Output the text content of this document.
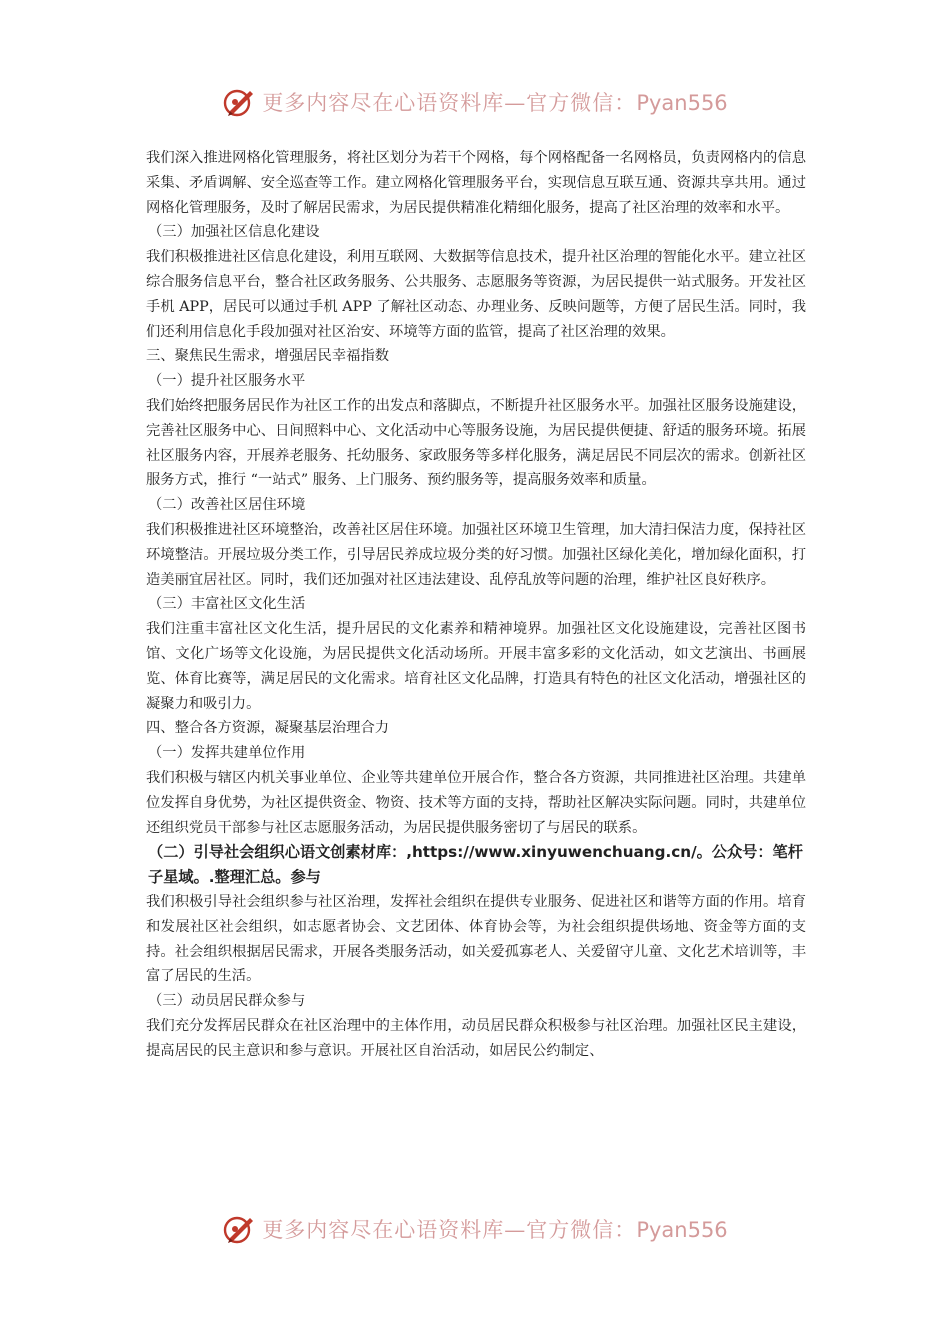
更多内容尽在心语资料库—官方微信：Pyan556

我们深入推进网格化管理服务，将社区划分为若干个网格，每个网格配备一名网格员，负责网格内的信息采集、矛盾调解、安全巡查等工作。建立网格化管理服务平台，实现信息互联互通、资源共享共用。通过网格化管理服务，及时了解居民需求，为居民提供精准化精细化服务，提高了社区治理的效率和水平。

（三）加强社区信息化建设

我们积极推进社区信息化建设，利用互联网、大数据等信息技术，提升社区治理的智能化水平。建立社区综合服务信息平台，整合社区政务服务、公共服务、志愿服务等资源，为居民提供一站式服务。开发社区手机 APP，居民可以通过手机 APP 了解社区动态、办理业务、反映问题等，方便了居民生活。同时，我们还利用信息化手段加强对社区治安、环境等方面的监管，提高了社区治理的效果。

三、聚焦民生需求，增强居民幸福指数

（一）提升社区服务水平

我们始终把服务居民作为社区工作的出发点和落脚点，不断提升社区服务水平。加强社区服务设施建设，完善社区服务中心、日间照料中心、文化活动中心等服务设施，为居民提供便捷、舒适的服务环境。拓展社区服务内容，开展养老服务、托幼服务、家政服务等多样化服务，满足居民不同层次的需求。创新社区服务方式，推行 “一站式” 服务、上门服务、预约服务等，提高服务效率和质量。

（二）改善社区居住环境

我们积极推进社区环境整治，改善社区居住环境。加强社区环境卫生管理，加大清扫保洁力度，保持社区环境整洁。开展垃圾分类工作，引导居民养成垃圾分类的好习惯。加强社区绿化美化，增加绿化面积，打造美丽宜居社区。同时，我们还加强对社区违法建设、乱停乱放等问题的治理，维护社区良好秩序。

（三）丰富社区文化生活

我们注重丰富社区文化生活，提升居民的文化素养和精神境界。加强社区文化设施建设，完善社区图书馆、文化广场等文化设施，为居民提供文化活动场所。开展丰富多彩的文化活动，如文艺演出、书画展览、体育比赛等，满足居民的文化需求。培育社区文化品牌，打造具有特色的社区文化活动，增强社区的凝聚力和吸引力。

四、整合各方资源，凝聚基层治理合力

（一）发挥共建单位作用

我们积极与辖区内机关事业单位、企业等共建单位开展合作，整合各方资源，共同推进社区治理。共建单位发挥自身优势，为社区提供资金、物资、技术等方面的支持，帮助社区解决实际问题。同时，共建单位还组织党员干部参与社区志愿服务活动，为居民提供服务密切了与居民的联系。

（二）引导社会组织心语文创素材库：,https://www.xinyuwenchuang.cn/。公众号：笔杆子星域。.整理汇总。参与

我们积极引导社会组织参与社区治理，发挥社会组织在提供专业服务、促进社区和谐等方面的作用。培育和发展社区社会组织，如志愿者协会、文艺团体、体育协会等，为社会组织提供场地、资金等方面的支持。社会组织根据居民需求，开展各类服务活动，如关爱孤寡老人、关爱留守儿童、文化艺术培训等，丰富了居民的生活。

（三）动员居民群众参与

我们充分发挥居民群众在社区治理中的主体作用，动员居民群众积极参与社区治理。加强社区民主建设，提高居民的民主意识和参与意识。开展社区自治活动，如居民公约制定、

更多内容尽在心语资料库—官方微信：Pyan556
